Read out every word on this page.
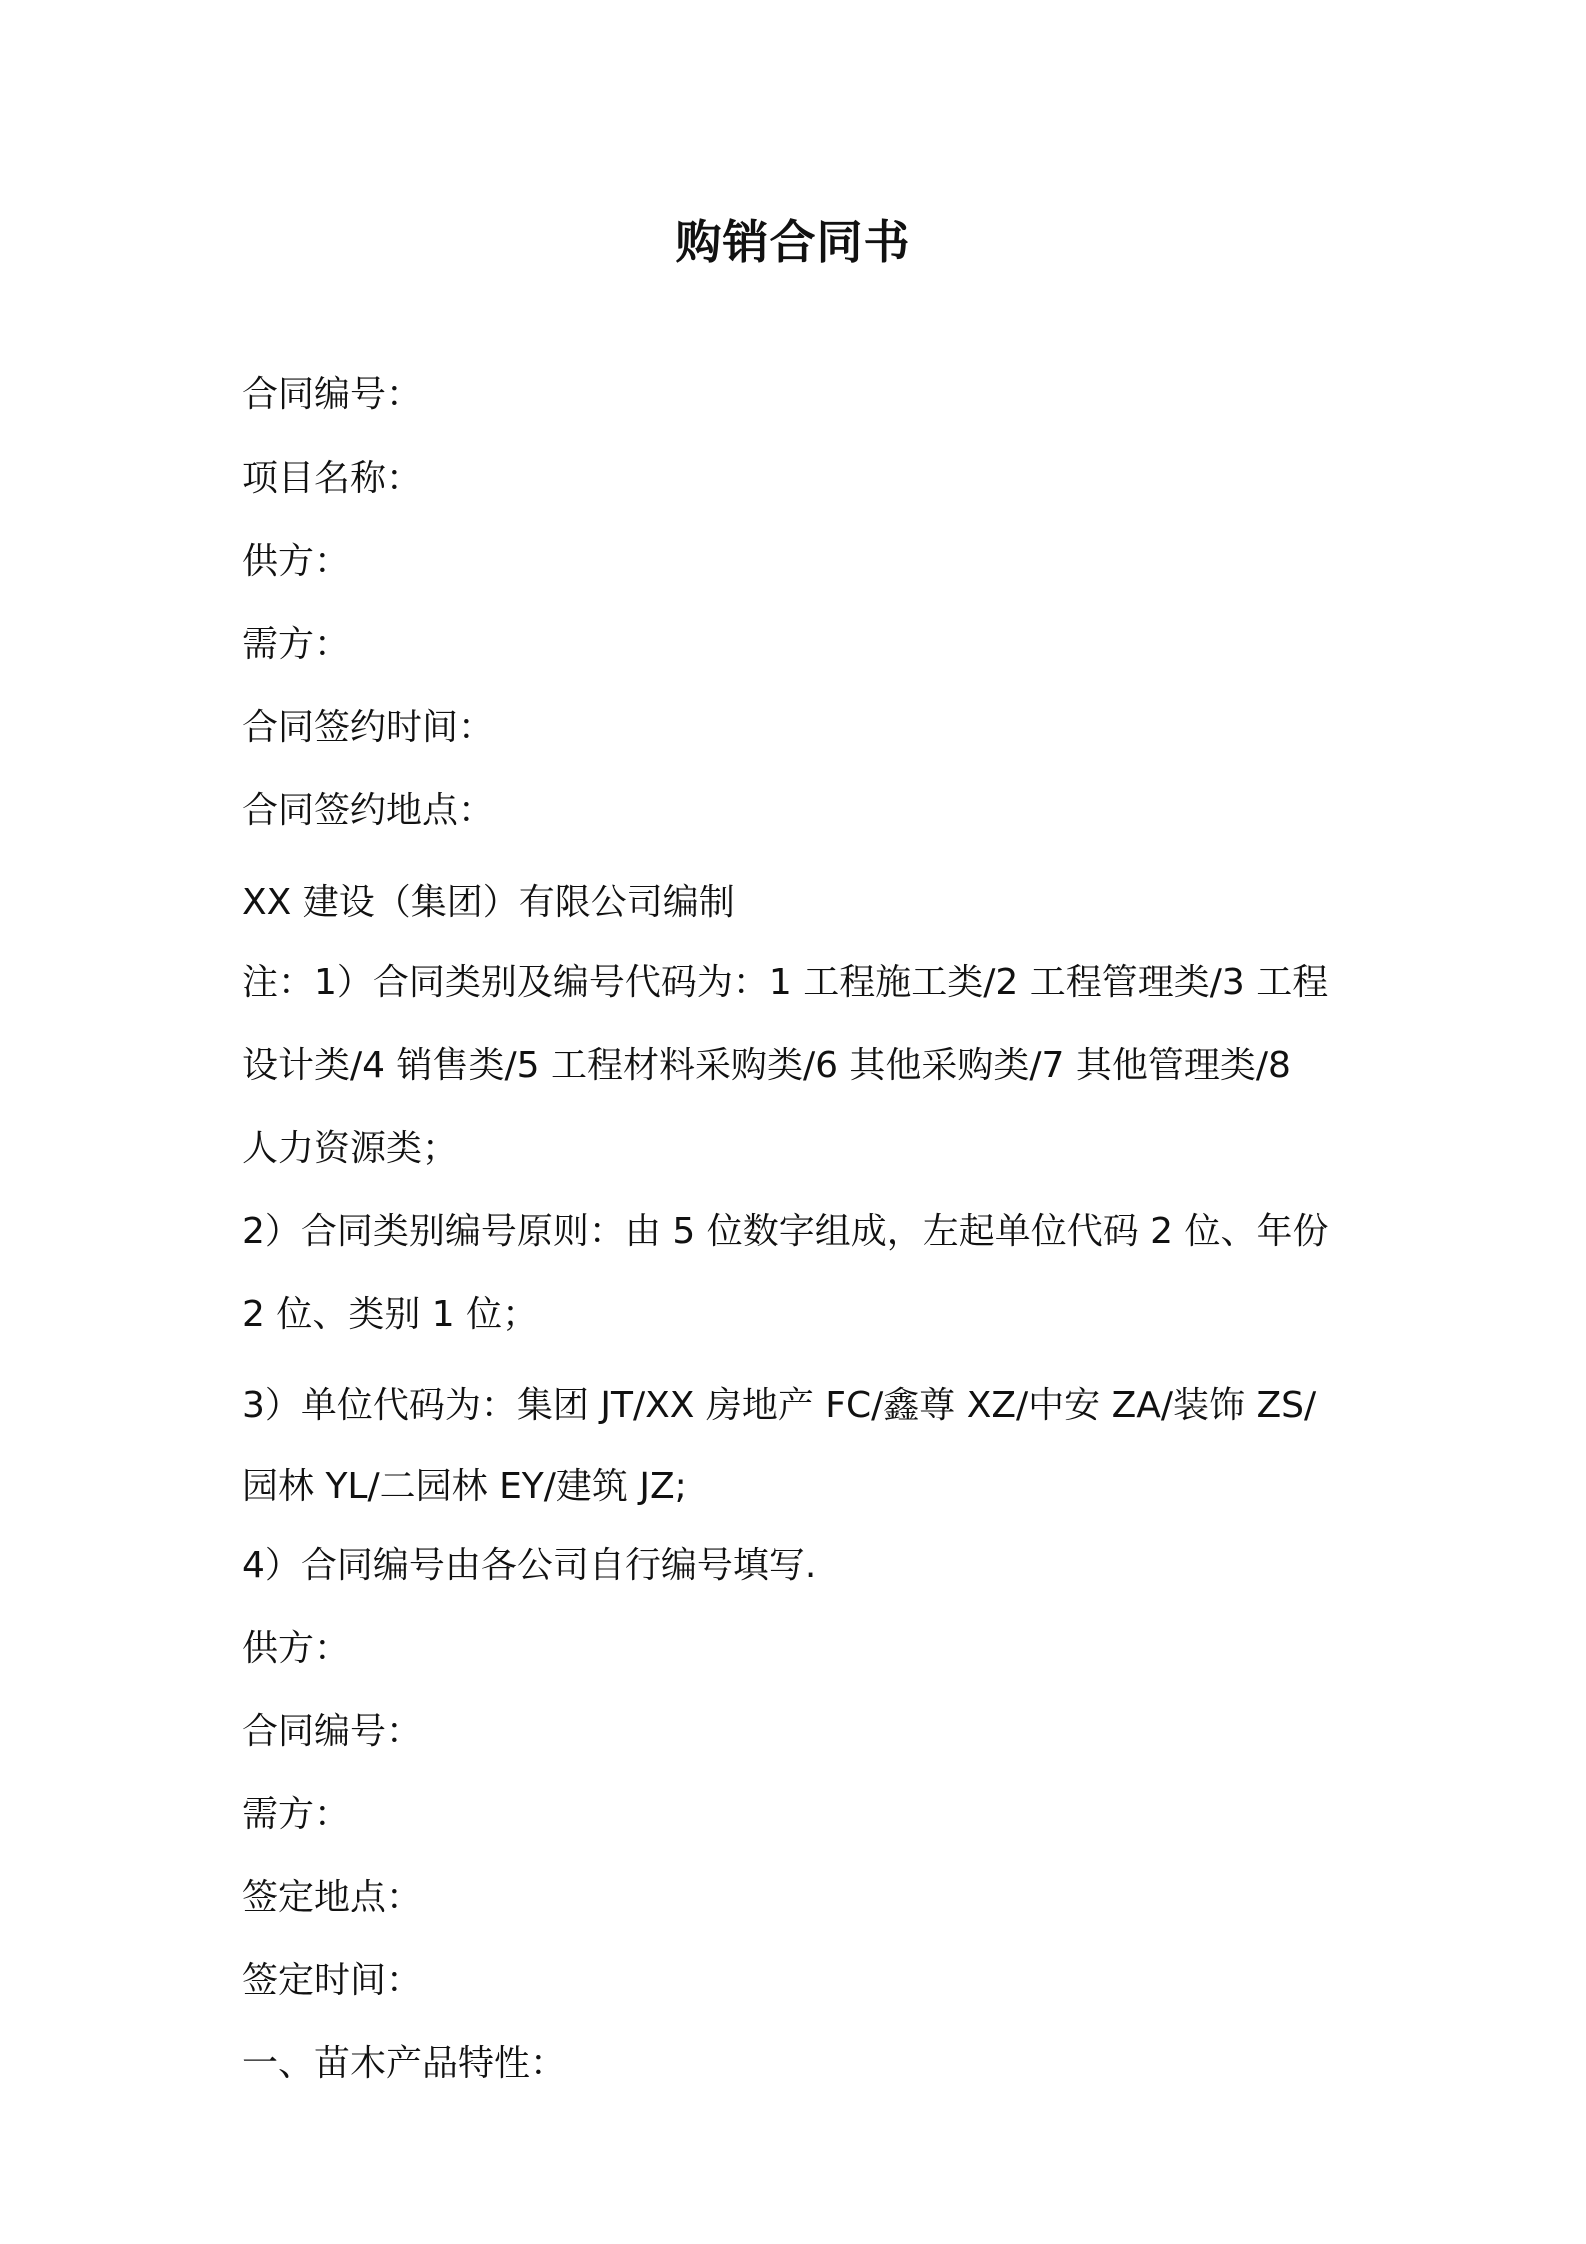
购销合同书
合同编号：
项目名称：
供方：
需方：
合同签约时间：
合同签约地点：
XX 建设（集团）有限公司编制
注：1）合同类别及编号代码为：1 工程施工类/2 工程管理类/3 工程
设计类/4 销售类/5 工程材料采购类/6 其他采购类/7 其他管理类/8
人力资源类；
2）合同类别编号原则：由 5 位数字组成，左起单位代码 2 位、年份
2 位、类别 1 位；
3）单位代码为：集团 JT/XX 房地产 FC/鑫尊 XZ/中安 ZA/装饰 ZS/
园林 YL/二园林 EY/建筑 JZ;
4）合同编号由各公司自行编号填写.
供方：
合同编号：
需方：
签定地点：
签定时间：
一、苗木产品特性：
